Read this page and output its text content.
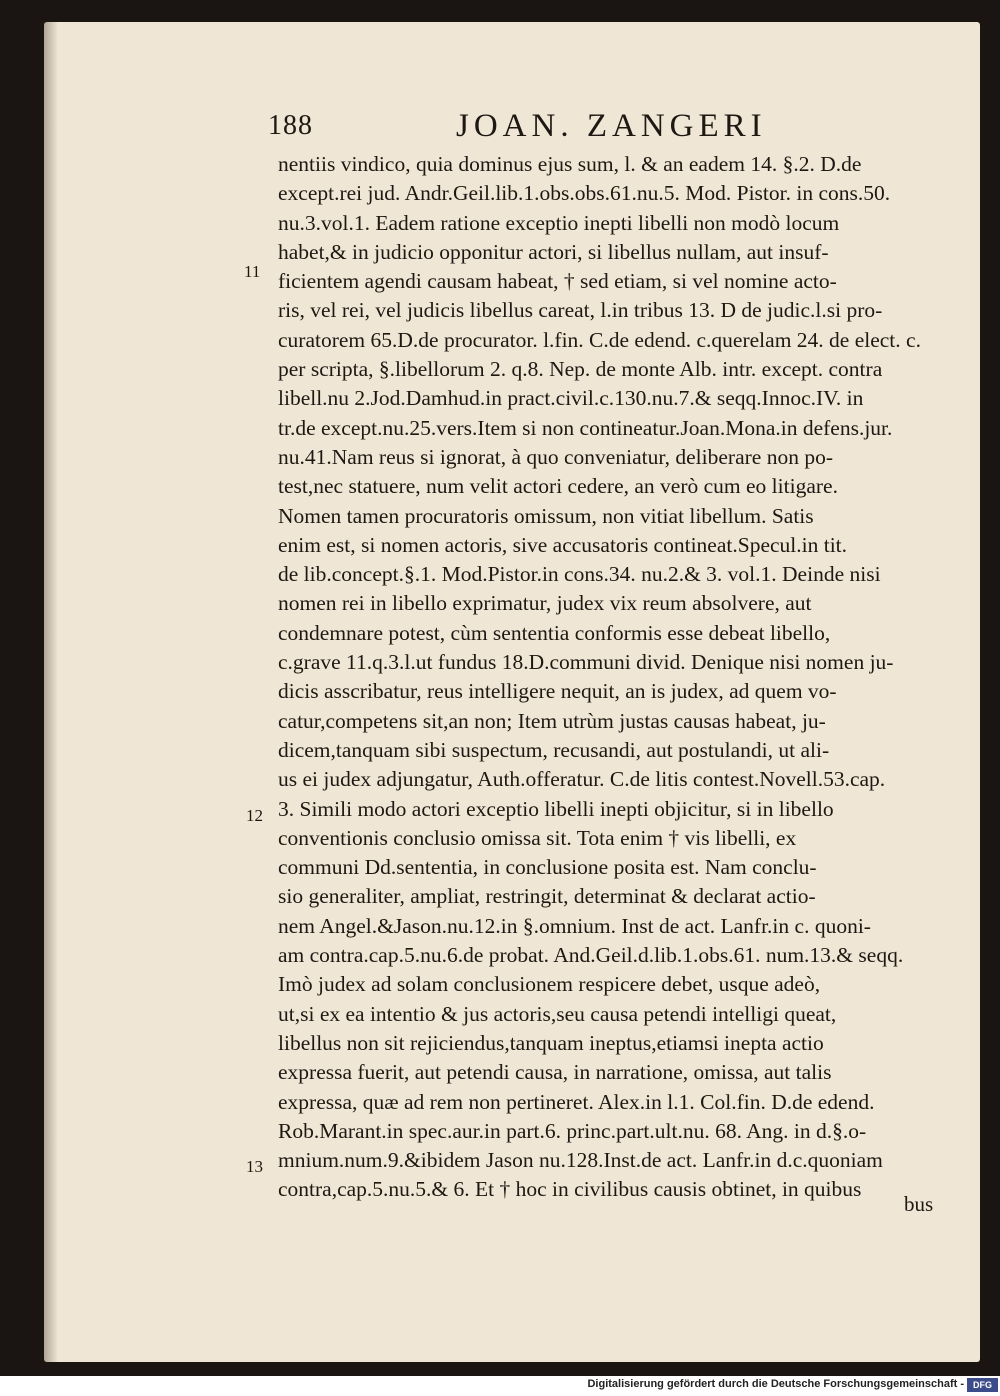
188	JOAN. ZANGERI
11
12
13
nentiis vindico, quia dominus ejus sum, l. & an eadem 14. §.2. D.de
except.rei jud. Andr.Geil.lib.1.obs.obs.61.nu.5. Mod. Pistor. in cons.50.
nu.3.vol.1. Eadem ratione exceptio inepti libelli non modò locum
habet,& in judicio opponitur actori, si libellus nullam, aut insuf-
ficientem agendi causam habeat, † sed etiam, si vel nomine acto-
ris, vel rei, vel judicis libellus careat, l.in tribus 13. D de judic.l.si pro-
curatorem 65.D.de procurator. l.fin. C.de edend. c.querelam 24. de elect. c.
per scripta, §.libellorum 2. q.8. Nep. de monte Alb. intr. except. contra
libell.nu 2.Jod.Damhud.in pract.civil.c.130.nu.7.& seqq.Innoc.IV. in
tr.de except.nu.25.vers.Item si non contineatur.Joan.Mona.in defens.jur.
nu.41.Nam reus si ignorat, à quo conveniatur, deliberare non po-
test,nec statuere, num velit actori cedere, an verò cum eo litigare.
Nomen tamen procuratoris omissum, non vitiat libellum. Satis
enim est, si nomen actoris, sive accusatoris contineat.Specul.in tit.
de lib.concept.§.1. Mod.Pistor.in cons.34. nu.2.& 3. vol.1. Deinde nisi
nomen rei in libello exprimatur, judex vix reum absolvere, aut
condemnare potest, cùm sententia conformis esse debeat libello,
c.grave 11.q.3.l.ut fundus 18.D.communi divid. Denique nisi nomen ju-
dicis asscribatur, reus intelligere nequit, an is judex, ad quem vo-
catur,competens sit,an non; Item utrùm justas causas habeat, ju-
dicem,tanquam sibi suspectum, recusandi, aut postulandi, ut ali-
us ei judex adjungatur, Auth.offeratur. C.de litis contest.Novell.53.cap.
3. Simili modo actori exceptio libelli inepti objicitur, si in libello
conventionis conclusio omissa sit. Tota enim † vis libelli, ex
communi Dd.sententia, in conclusione posita est. Nam conclu-
sio generaliter, ampliat, restringit, determinat & declarat actio-
nem Angel.&Jason.nu.12.in §.omnium. Inst de act. Lanfr.in c. quoni-
am contra.cap.5.nu.6.de probat. And.Geil.d.lib.1.obs.61. num.13.& seqq.
Imò judex ad solam conclusionem respicere debet, usque adeò,
ut,si ex ea intentio & jus actoris,seu causa petendi intelligi queat,
libellus non sit rejiciendus,tanquam ineptus,etiamsi inepta actio
expressa fuerit, aut petendi causa, in narratione, omissa, aut talis
expressa, quæ ad rem non pertineret. Alex.in l.1. Col.fin. D.de edend.
Rob.Marant.in spec.aur.in part.6. princ.part.ult.nu. 68. Ang. in d.§.o-
mnium.num.9.&ibidem Jason nu.128.Inst.de act. Lanfr.in d.c.quoniam
contra,cap.5.nu.5.& 6. Et † hoc in civilibus causis obtinet, in quibus
bus
Digitalisierung gefördert durch die Deutsche Forschungsgemeinschaft -	DFG
